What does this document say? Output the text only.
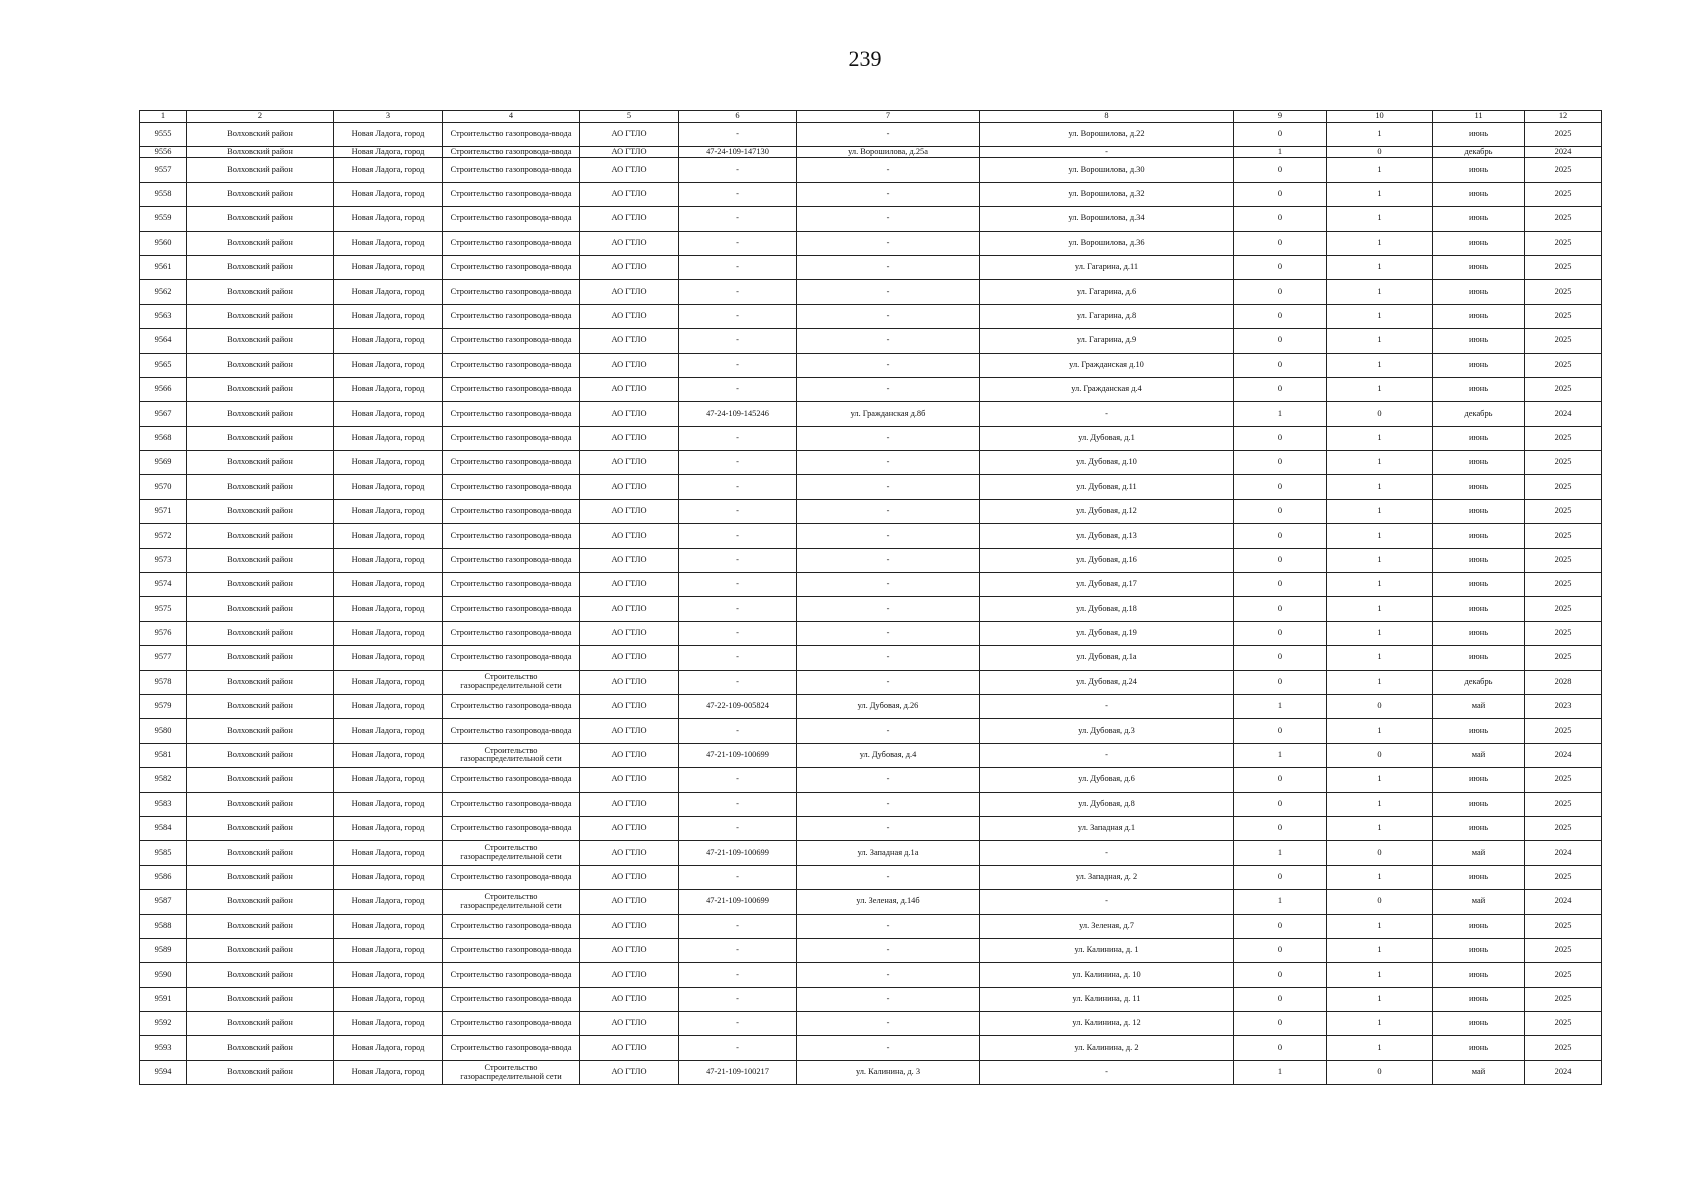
239
1	2	3	4	5	6	7	8	9	10	11	12
9555	Волховский район	Новая Ладога, город	Строительство газопровода-ввода	АО ГТЛО	-	-	ул. Ворошилова, д.22	0	1	июнь	2025
9556	Волховский район	Новая Ладога, город	Строительство газопровода-ввода	АО ГТЛО	47-24-109-147130	ул. Ворошилова, д.25а	-	1	0	декабрь	2024
9557	Волховский район	Новая Ладога, город	Строительство газопровода-ввода	АО ГТЛО	-	-	ул. Ворошилова, д.30	0	1	июнь	2025
9558	Волховский район	Новая Ладога, город	Строительство газопровода-ввода	АО ГТЛО	-	-	ул. Ворошилова, д.32	0	1	июнь	2025
9559	Волховский район	Новая Ладога, город	Строительство газопровода-ввода	АО ГТЛО	-	-	ул. Ворошилова, д.34	0	1	июнь	2025
9560	Волховский район	Новая Ладога, город	Строительство газопровода-ввода	АО ГТЛО	-	-	ул. Ворошилова, д.36	0	1	июнь	2025
9561	Волховский район	Новая Ладога, город	Строительство газопровода-ввода	АО ГТЛО	-	-	ул. Гагарина, д.11	0	1	июнь	2025
9562	Волховский район	Новая Ладога, город	Строительство газопровода-ввода	АО ГТЛО	-	-	ул. Гагарина, д.6	0	1	июнь	2025
9563	Волховский район	Новая Ладога, город	Строительство газопровода-ввода	АО ГТЛО	-	-	ул. Гагарина, д.8	0	1	июнь	2025
9564	Волховский район	Новая Ладога, город	Строительство газопровода-ввода	АО ГТЛО	-	-	ул. Гагарина, д.9	0	1	июнь	2025
9565	Волховский район	Новая Ладога, город	Строительство газопровода-ввода	АО ГТЛО	-	-	ул. Гражданская д.10	0	1	июнь	2025
9566	Волховский район	Новая Ладога, город	Строительство газопровода-ввода	АО ГТЛО	-	-	ул. Гражданская д.4	0	1	июнь	2025
9567	Волховский район	Новая Ладога, город	Строительство газопровода-ввода	АО ГТЛО	47-24-109-145246	ул. Гражданская д.8б	-	1	0	декабрь	2024
9568	Волховский район	Новая Ладога, город	Строительство газопровода-ввода	АО ГТЛО	-	-	ул. Дубовая, д.1	0	1	июнь	2025
9569	Волховский район	Новая Ладога, город	Строительство газопровода-ввода	АО ГТЛО	-	-	ул. Дубовая, д.10	0	1	июнь	2025
9570	Волховский район	Новая Ладога, город	Строительство газопровода-ввода	АО ГТЛО	-	-	ул. Дубовая, д.11	0	1	июнь	2025
9571	Волховский район	Новая Ладога, город	Строительство газопровода-ввода	АО ГТЛО	-	-	ул. Дубовая, д.12	0	1	июнь	2025
9572	Волховский район	Новая Ладога, город	Строительство газопровода-ввода	АО ГТЛО	-	-	ул. Дубовая, д.13	0	1	июнь	2025
9573	Волховский район	Новая Ладога, город	Строительство газопровода-ввода	АО ГТЛО	-	-	ул. Дубовая, д.16	0	1	июнь	2025
9574	Волховский район	Новая Ладога, город	Строительство газопровода-ввода	АО ГТЛО	-	-	ул. Дубовая, д.17	0	1	июнь	2025
9575	Волховский район	Новая Ладога, город	Строительство газопровода-ввода	АО ГТЛО	-	-	ул. Дубовая, д.18	0	1	июнь	2025
9576	Волховский район	Новая Ладога, город	Строительство газопровода-ввода	АО ГТЛО	-	-	ул. Дубовая, д.19	0	1	июнь	2025
9577	Волховский район	Новая Ладога, город	Строительство газопровода-ввода	АО ГТЛО	-	-	ул. Дубовая, д.1а	0	1	июнь	2025
9578	Волховский район	Новая Ладога, город	Строительство газораспределительной сети	АО ГТЛО	-	-	ул. Дубовая, д.24	0	1	декабрь	2028
9579	Волховский район	Новая Ладога, город	Строительство газопровода-ввода	АО ГТЛО	47-22-109-005824	ул. Дубовая, д.26	-	1	0	май	2023
9580	Волховский район	Новая Ладога, город	Строительство газопровода-ввода	АО ГТЛО	-	-	ул. Дубовая, д.3	0	1	июнь	2025
9581	Волховский район	Новая Ладога, город	Строительство газораспределительной сети	АО ГТЛО	47-21-109-100699	ул. Дубовая, д.4	-	1	0	май	2024
9582	Волховский район	Новая Ладога, город	Строительство газопровода-ввода	АО ГТЛО	-	-	ул. Дубовая, д.6	0	1	июнь	2025
9583	Волховский район	Новая Ладога, город	Строительство газопровода-ввода	АО ГТЛО	-	-	ул. Дубовая, д.8	0	1	июнь	2025
9584	Волховский район	Новая Ладога, город	Строительство газопровода-ввода	АО ГТЛО	-	-	ул. Западная д.1	0	1	июнь	2025
9585	Волховский район	Новая Ладога, город	Строительство газораспределительной сети	АО ГТЛО	47-21-109-100699	ул. Западная д.1а	-	1	0	май	2024
9586	Волховский район	Новая Ладога, город	Строительство газопровода-ввода	АО ГТЛО	-	-	ул. Западная, д. 2	0	1	июнь	2025
9587	Волховский район	Новая Ладога, город	Строительство газораспределительной сети	АО ГТЛО	47-21-109-100699	ул. Зеленая, д.14б	-	1	0	май	2024
9588	Волховский район	Новая Ладога, город	Строительство газопровода-ввода	АО ГТЛО	-	-	ул. Зеленая, д.7	0	1	июнь	2025
9589	Волховский район	Новая Ладога, город	Строительство газопровода-ввода	АО ГТЛО	-	-	ул. Калинина, д. 1	0	1	июнь	2025
9590	Волховский район	Новая Ладога, город	Строительство газопровода-ввода	АО ГТЛО	-	-	ул. Калинина, д. 10	0	1	июнь	2025
9591	Волховский район	Новая Ладога, город	Строительство газопровода-ввода	АО ГТЛО	-	-	ул. Калинина, д. 11	0	1	июнь	2025
9592	Волховский район	Новая Ладога, город	Строительство газопровода-ввода	АО ГТЛО	-	-	ул. Калинина, д. 12	0	1	июнь	2025
9593	Волховский район	Новая Ладога, город	Строительство газопровода-ввода	АО ГТЛО	-	-	ул. Калинина, д. 2	0	1	июнь	2025
9594	Волховский район	Новая Ладога, город	Строительство газораспределительной сети	АО ГТЛО	47-21-109-100217	ул. Калинина, д. 3	-	1	0	май	2024
